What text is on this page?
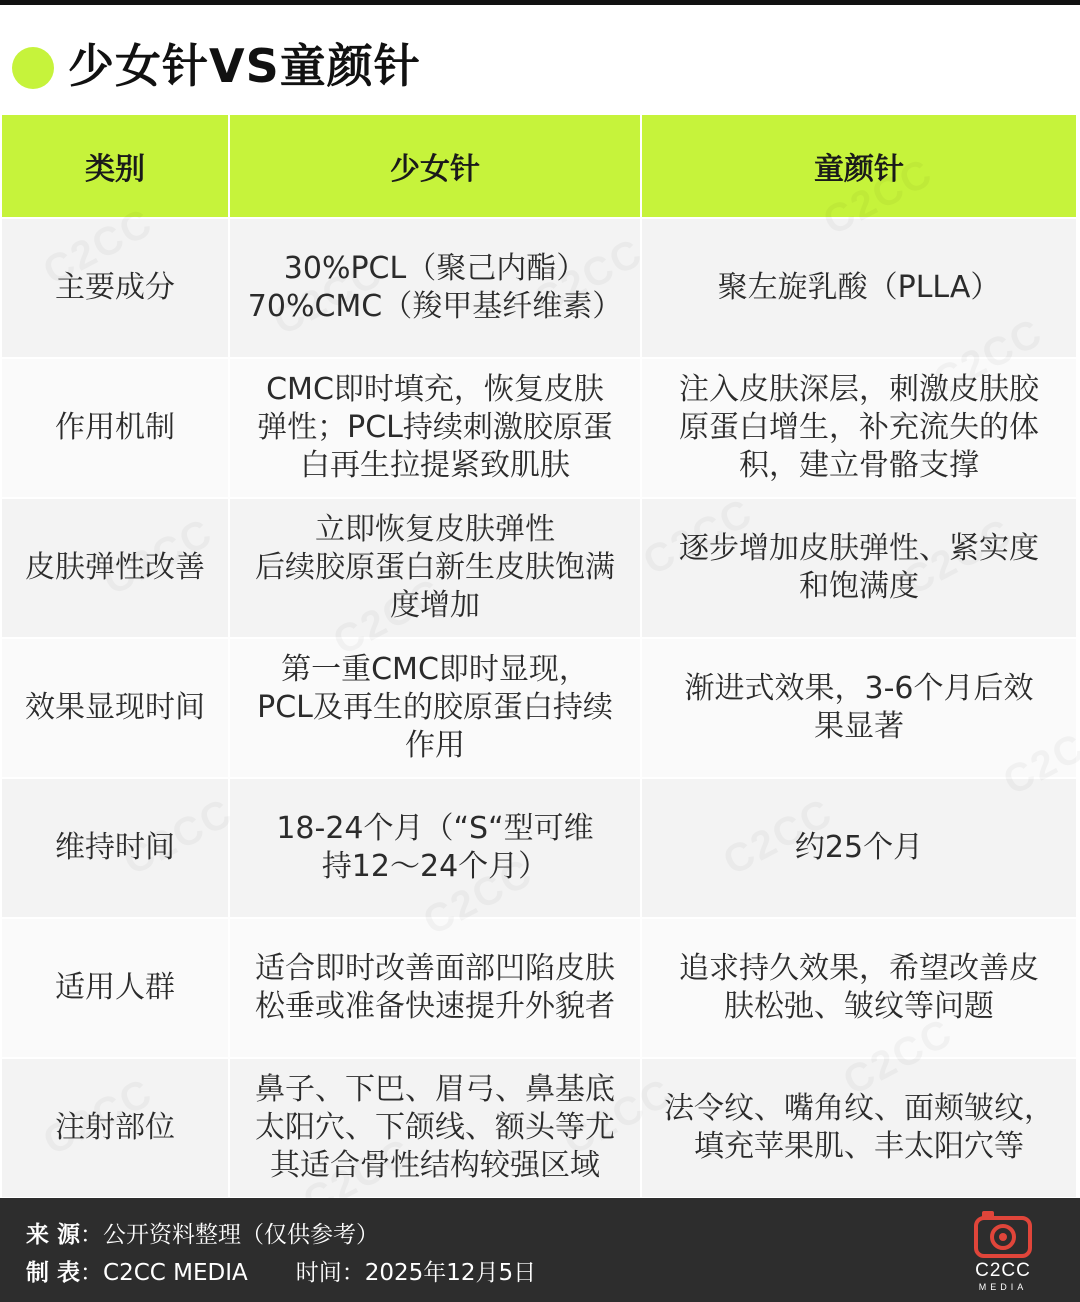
少女针VS童颜针
类别	少女针	童颜针
主要成分	30%PCL（聚己内酯）
70%CMC（羧甲基纤维素）	聚左旋乳酸（PLLA）

作用机制	CMC即时填充，恢复皮肤
弹性；PCL持续刺激胶原蛋
白再生拉提紧致肌肤	注入皮肤深层，刺激皮肤胶
原蛋白增生，补充流失的体
积，建立骨骼支撑

皮肤弹性改善	立即恢复皮肤弹性
后续胶原蛋白新生皮肤饱满
度增加	逐步增加皮肤弹性、紧实度
和饱满度

效果显现时间	第一重CMC即时显现，
PCL及再生的胶原蛋白持续
作用	渐进式效果，3-6个月后效
果显著

维持时间	18-24个月（“S“型可维
持12～24个月）	约25个月

适用人群	适合即时改善面部凹陷皮肤
松垂或准备快速提升外貌者	追求持久效果，希望改善皮
肤松弛、皱纹等问题

注射部位	鼻子、下巴、眉弓、鼻基底
太阳穴、下颌线、额头等尤
其适合骨性结构较强区域	法令纹、嘴角纹、面颊皱纹，
填充苹果肌、丰太阳穴等
来 源：公开资料整理（仅供参考）
制 表：C2CC MEDIA 时间：2025年12月5日	C2CC
MEDIA
